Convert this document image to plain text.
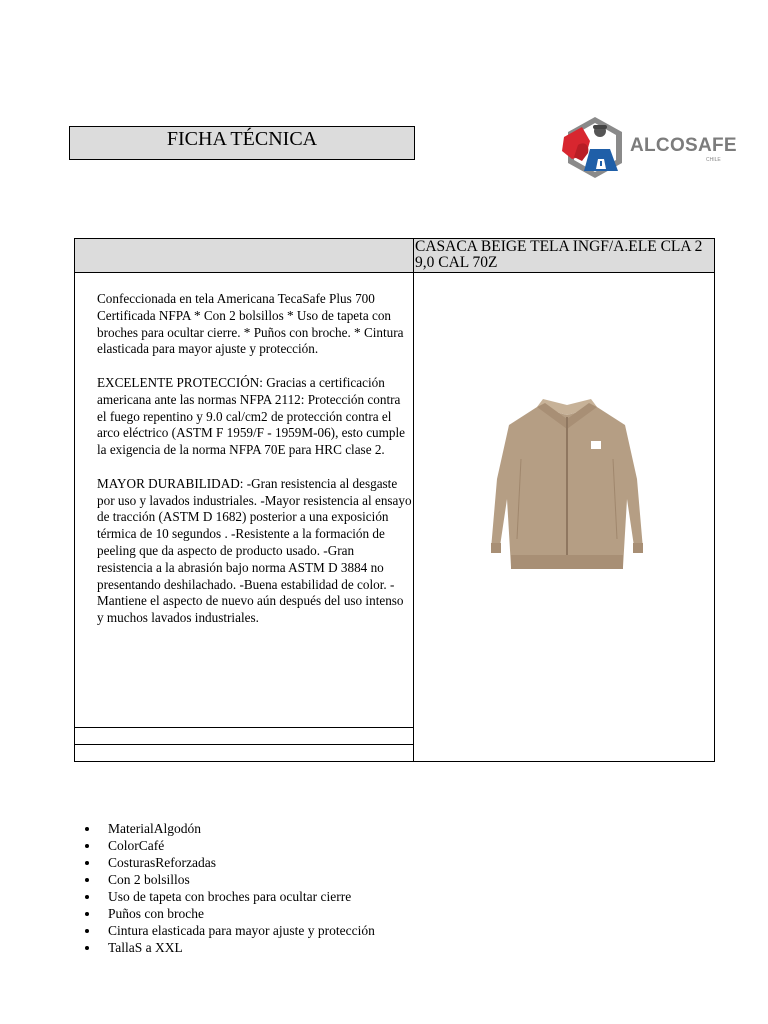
FICHA TÉCNICA	ALCOSAFE
CHILE
CASACA BEIGE TELA INGF/A.ELE CLA 2 9,0 CAL 70Z

Confeccionada en tela Americana TecaSafe Plus 700 Certificada NFPA * Con 2 bolsillos * Uso de tapeta con broches para ocultar cierre. * Puños con broche. * Cintura elasticada para mayor ajuste y protección.

EXCELENTE PROTECCIÓN: Gracias a certificación americana ante las normas NFPA 2112: Protección contra el fuego repentino y 9.0 cal/cm2 de protección contra el arco eléctrico (ASTM F 1959/F - 1959M-06), esto cumple la exigencia de la norma NFPA 70E para HRC clase 2.

MAYOR DURABILIDAD: -Gran resistencia al desgaste por uso y lavados industriales. -Mayor resistencia al ensayo de tracción (ASTM D 1682) posterior a una exposición térmica de 10 segundos . -Resistente a la formación de peeling que da aspecto de producto usado. -Gran resistencia a la abrasión bajo norma ASTM D 3884 no presentando deshilachado. -Buena estabilidad de color. -Mantiene el aspecto de nuevo aún después del uso intenso y muchos lavados industriales.

MaterialAlgodón
ColorCafé
CosturasReforzadas
Con 2 bolsillos
Uso de tapeta con broches para ocultar cierre
Puños con broche
Cintura elasticada para mayor ajuste y protección
TallaS a XXL
